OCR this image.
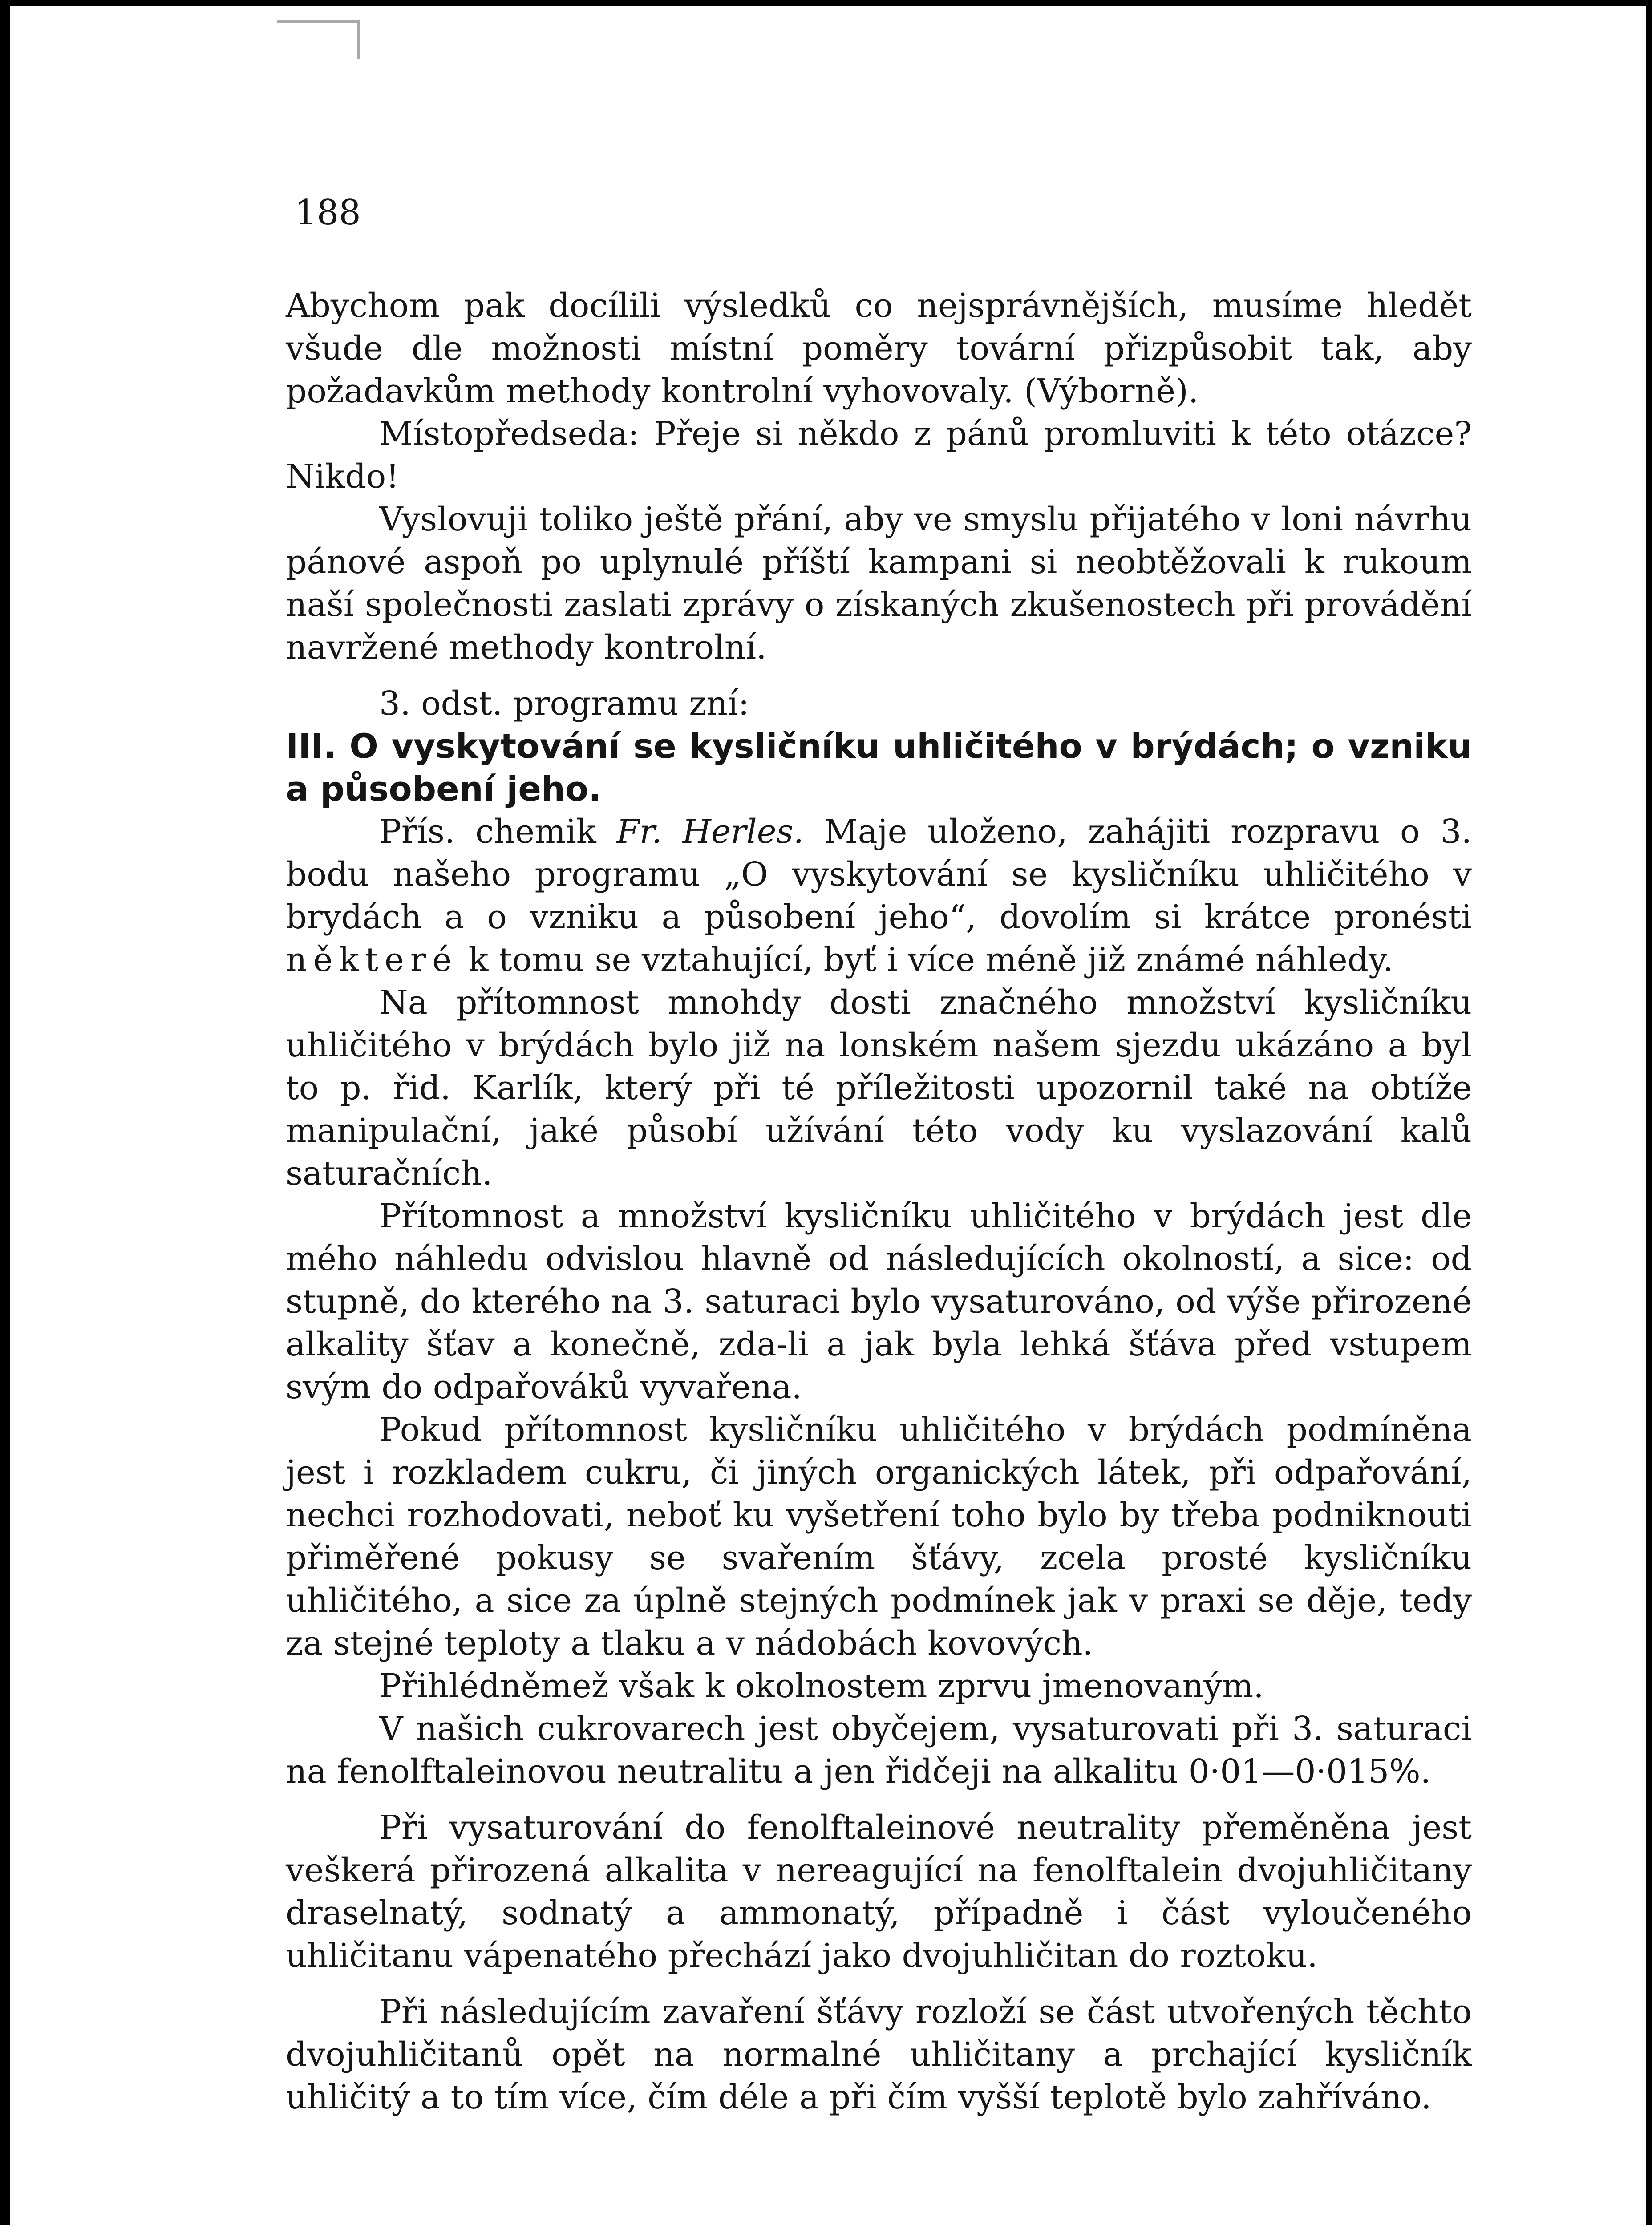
188

Abychom pak docílili výsledků co nejsprávnějších, musíme hledět všude dle možnosti místní poměry tovární přizpůsobit tak, aby požadavkům methody kontrolní vyhovovaly. (Výborně).

Místopředseda: Přeje si někdo z pánů promluviti k této otázce? Nikdo!

Vyslovuji toliko ještě přání, aby ve smyslu přijatého v loni návrhu pánové aspoň po uplynulé příští kampani si neobtěžovali k rukoum naší společnosti zaslati zprávy o získaných zkušenostech při provádění navržené methody kontrolní.

3. odst. programu zní:

III. O vyskytování se kysličníku uhličitého v brýdách; o vzniku a působení jeho.

Přís. chemik Fr. Herles. Maje uloženo, zahájiti rozpravu o 3. bodu našeho programu „O vyskytování se kysličníku uhličitého v brydách a o vzniku a působení jeho“, dovolím si krátce pronésti některé k tomu se vztahující, byť i více méně již známé náhledy.

Na přítomnost mnohdy dosti značného množství kysličníku uhličitého v brýdách bylo již na lonském našem sjezdu ukázáno a byl to p. řid. Karlík, který při té příležitosti upozornil také na obtíže manipulační, jaké působí užívání této vody ku vyslazování kalů saturačních.

Přítomnost a množství kysličníku uhličitého v brýdách jest dle mého náhledu odvislou hlavně od následujících okolností, a sice: od stupně, do kterého na 3. saturaci bylo vysaturováno, od výše přirozené alkality šťav a konečně, zda-li a jak byla lehká šťáva před vstupem svým do odpařováků vyvařena.

Pokud přítomnost kysličníku uhličitého v brýdách podmíněna jest i rozkladem cukru, či jiných organických látek, při odpařování, nechci rozhodovati, neboť ku vyšetření toho bylo by třeba podniknouti přiměřené pokusy se svařením šťávy, zcela prosté kysličníku uhličitého, a sice za úplně stejných podmínek jak v praxi se děje, tedy za stejné teploty a tlaku a v nádobách kovových.

Přihlédněmež však k okolnostem zprvu jmenovaným.

V našich cukrovarech jest obyčejem, vysaturovati při 3. saturaci na fenolftaleinovou neutralitu a jen řidčeji na alkalitu 0·01—0·015%.

Při vysaturování do fenolftaleinové neutrality přeměněna jest veškerá přirozená alkalita v nereagující na fenolftalein dvojuhličitany draselnatý, sodnatý a ammonatý, případně i část vyloučeného uhličitanu vápenatého přechází jako dvojuhličitan do roztoku.

Při následujícím zavaření šťávy rozloží se část utvořených těchto dvojuhličitanů opět na normalné uhličitany a prchající kysličník uhličitý a to tím více, čím déle a při čím vyšší teplotě bylo zahříváno.
